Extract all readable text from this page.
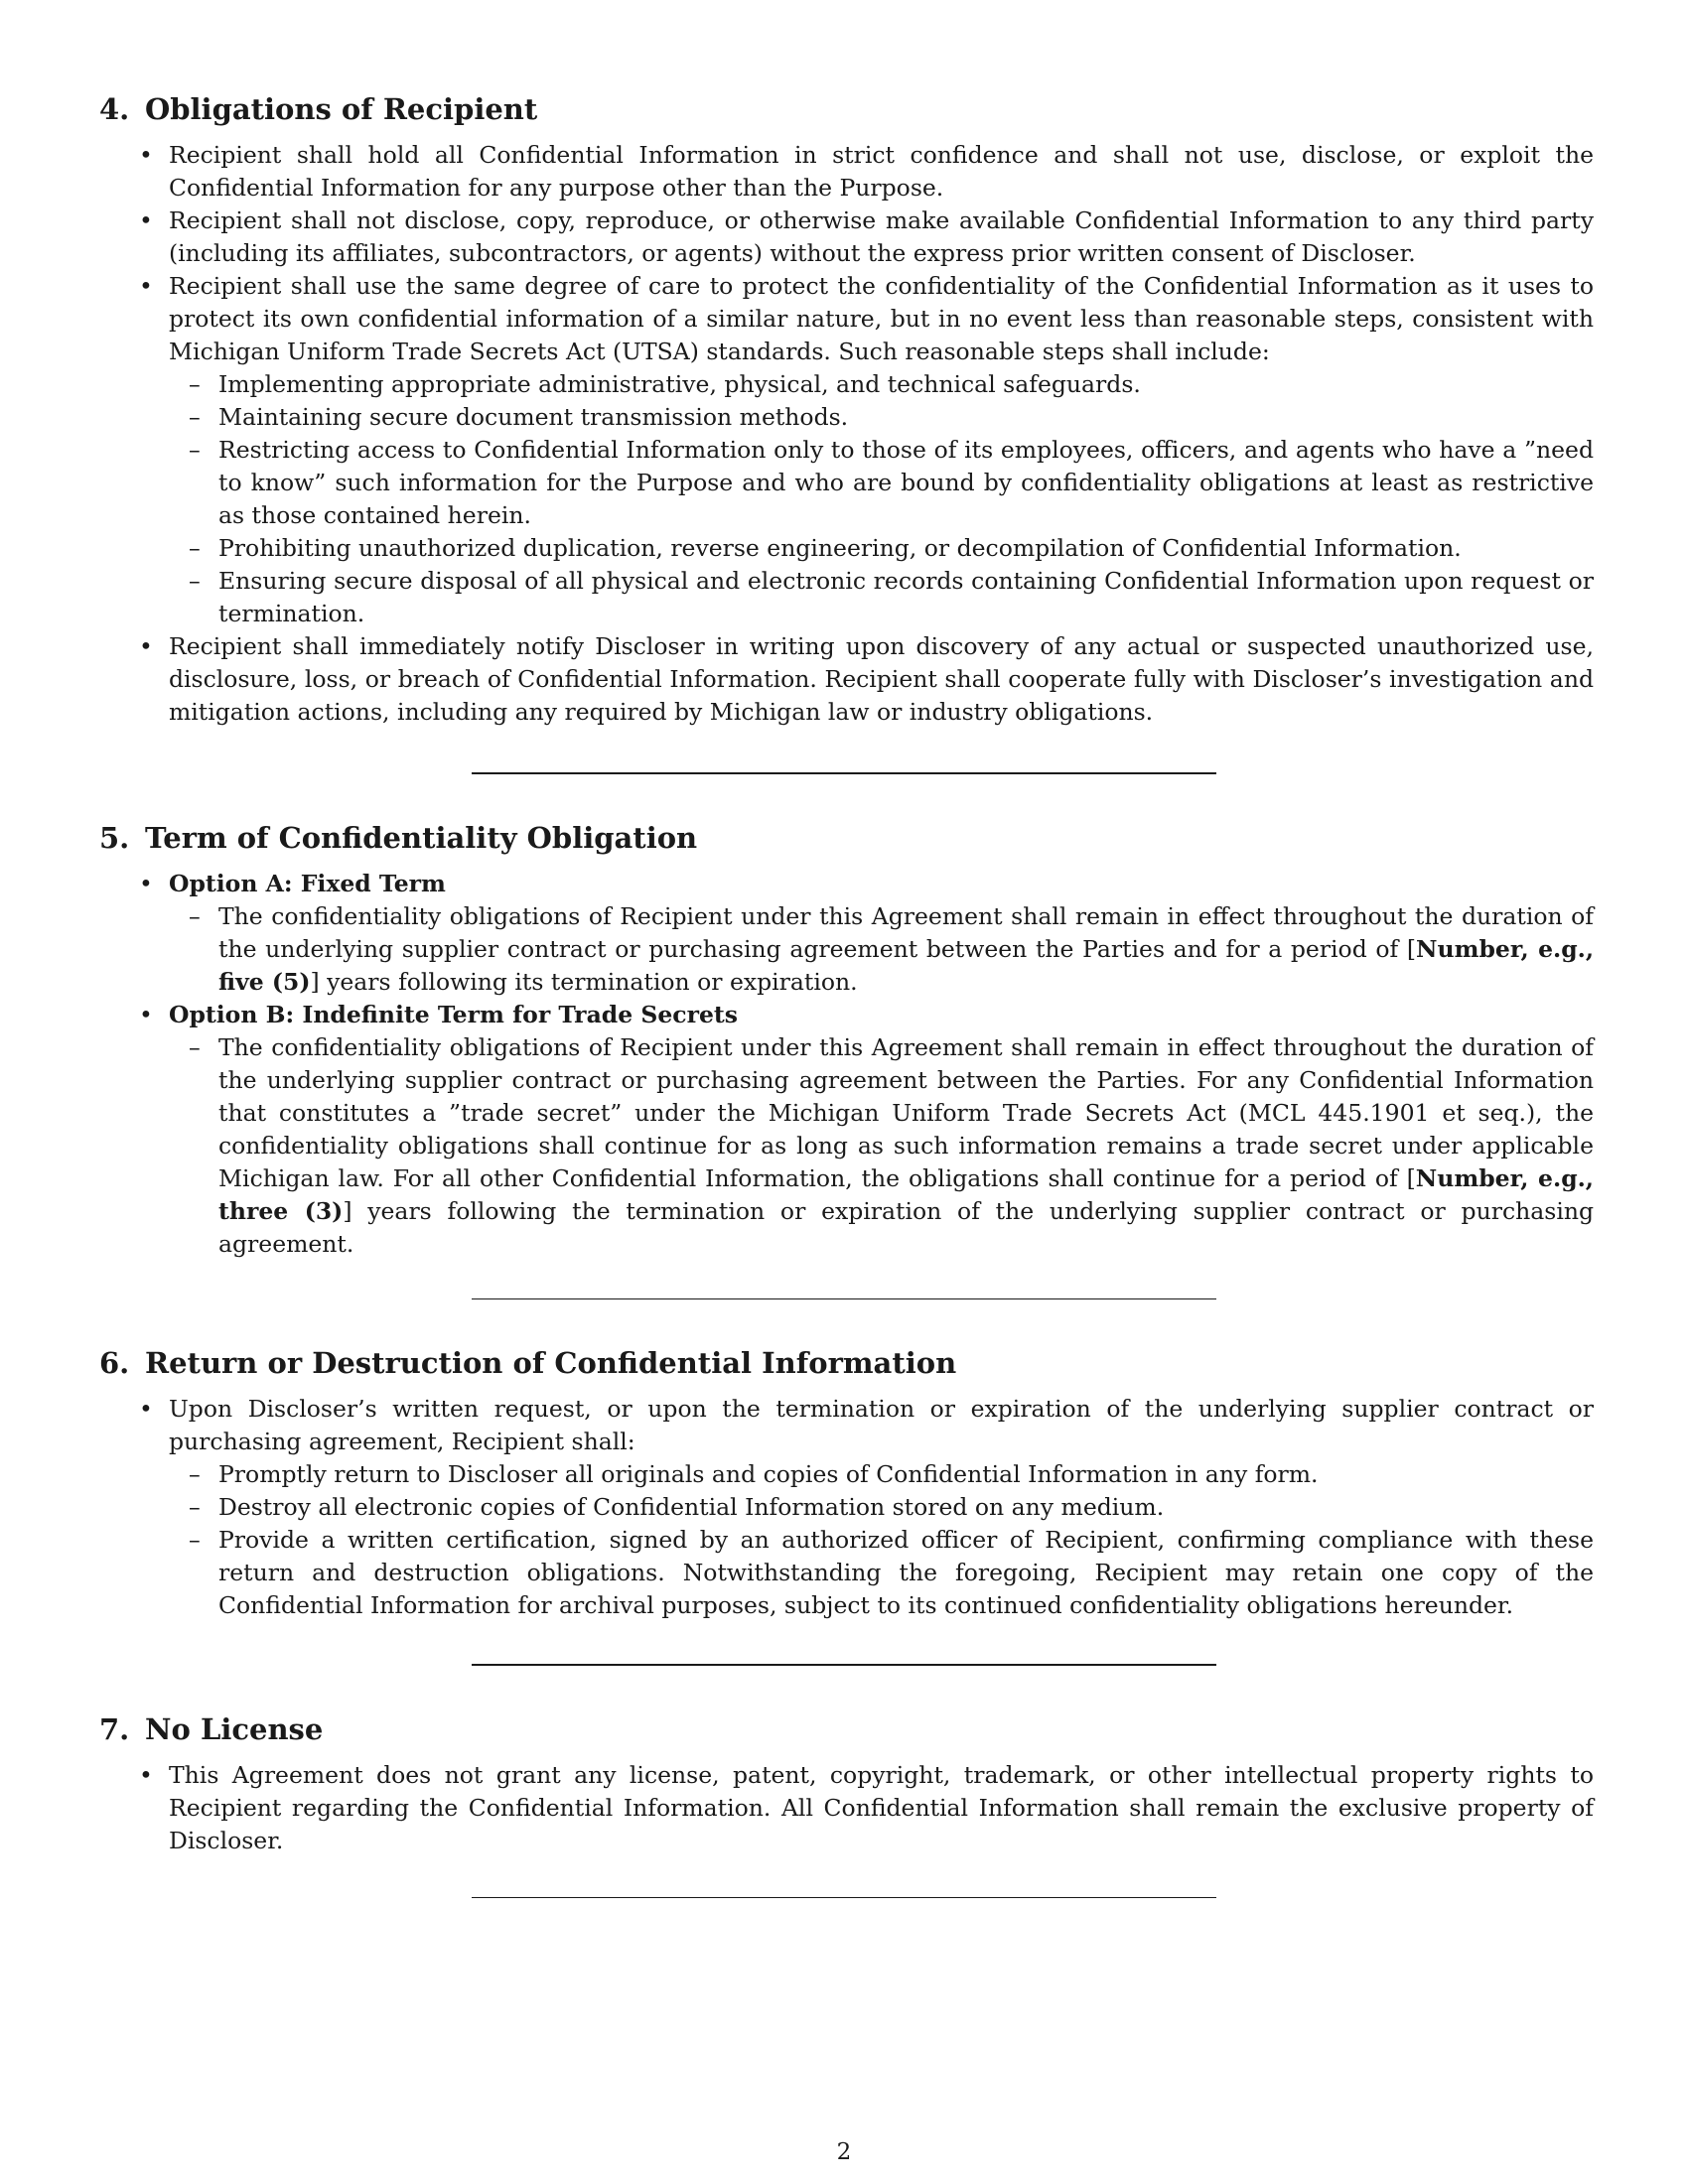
4. Obligations of Recipient
• Recipient shall hold all Confidential Information in strict confidence and shall not use, disclose, or exploit the Confidential Information for any purpose other than the Purpose.
• Recipient shall not disclose, copy, reproduce, or otherwise make available Confidential Information to any third party (including its affiliates, subcontractors, or agents) without the express prior written consent of Discloser.
• Recipient shall use the same degree of care to protect the confidentiality of the Confidential Information as it uses to protect its own confidential information of a similar nature, but in no event less than reasonable steps, consistent with Michigan Uniform Trade Secrets Act (UTSA) standards. Such reasonable steps shall include:
– Implementing appropriate administrative, physical, and technical safeguards.
– Maintaining secure document transmission methods.
– Restricting access to Confidential Information only to those of its employees, officers, and agents who have a ”need to know” such information for the Purpose and who are bound by confidentiality obligations at least as restrictive as those contained herein.
– Prohibiting unauthorized duplication, reverse engineering, or decompilation of Confidential Information.
– Ensuring secure disposal of all physical and electronic records containing Confidential Information upon request or termination.
• Recipient shall immediately notify Discloser in writing upon discovery of any actual or suspected unauthorized use, disclosure, loss, or breach of Confidential Information. Recipient shall cooperate fully with Discloser’s investigation and mitigation actions, including any required by Michigan law or industry obligations.
5. Term of Confidentiality Obligation
• Option A: Fixed Term
– The confidentiality obligations of Recipient under this Agreement shall remain in effect throughout the duration of the underlying supplier contract or purchasing agreement between the Parties and for a period of [Number, e.g., five (5)] years following its termination or expiration.
• Option B: Indefinite Term for Trade Secrets
– The confidentiality obligations of Recipient under this Agreement shall remain in effect throughout the duration of the underlying supplier contract or purchasing agreement between the Parties. For any Confidential Information that constitutes a ”trade secret” under the Michigan Uniform Trade Secrets Act (MCL 445.1901 et seq.), the confidentiality obligations shall continue for as long as such information remains a trade secret under applicable Michigan law. For all other Confidential Information, the obligations shall continue for a period of [Number, e.g., three (3)] years following the termination or expiration of the underlying supplier contract or purchasing agreement.
6. Return or Destruction of Confidential Information
• Upon Discloser’s written request, or upon the termination or expiration of the underlying supplier contract or purchasing agreement, Recipient shall:
– Promptly return to Discloser all originals and copies of Confidential Information in any form.
– Destroy all electronic copies of Confidential Information stored on any medium.
– Provide a written certification, signed by an authorized officer of Recipient, confirming compliance with these return and destruction obligations. Notwithstanding the foregoing, Recipient may retain one copy of the Confidential Information for archival purposes, subject to its continued confidentiality obligations hereunder.
7. No License
• This Agreement does not grant any license, patent, copyright, trademark, or other intellectual property rights to Recipient regarding the Confidential Information. All Confidential Information shall remain the exclusive property of Discloser.
2
